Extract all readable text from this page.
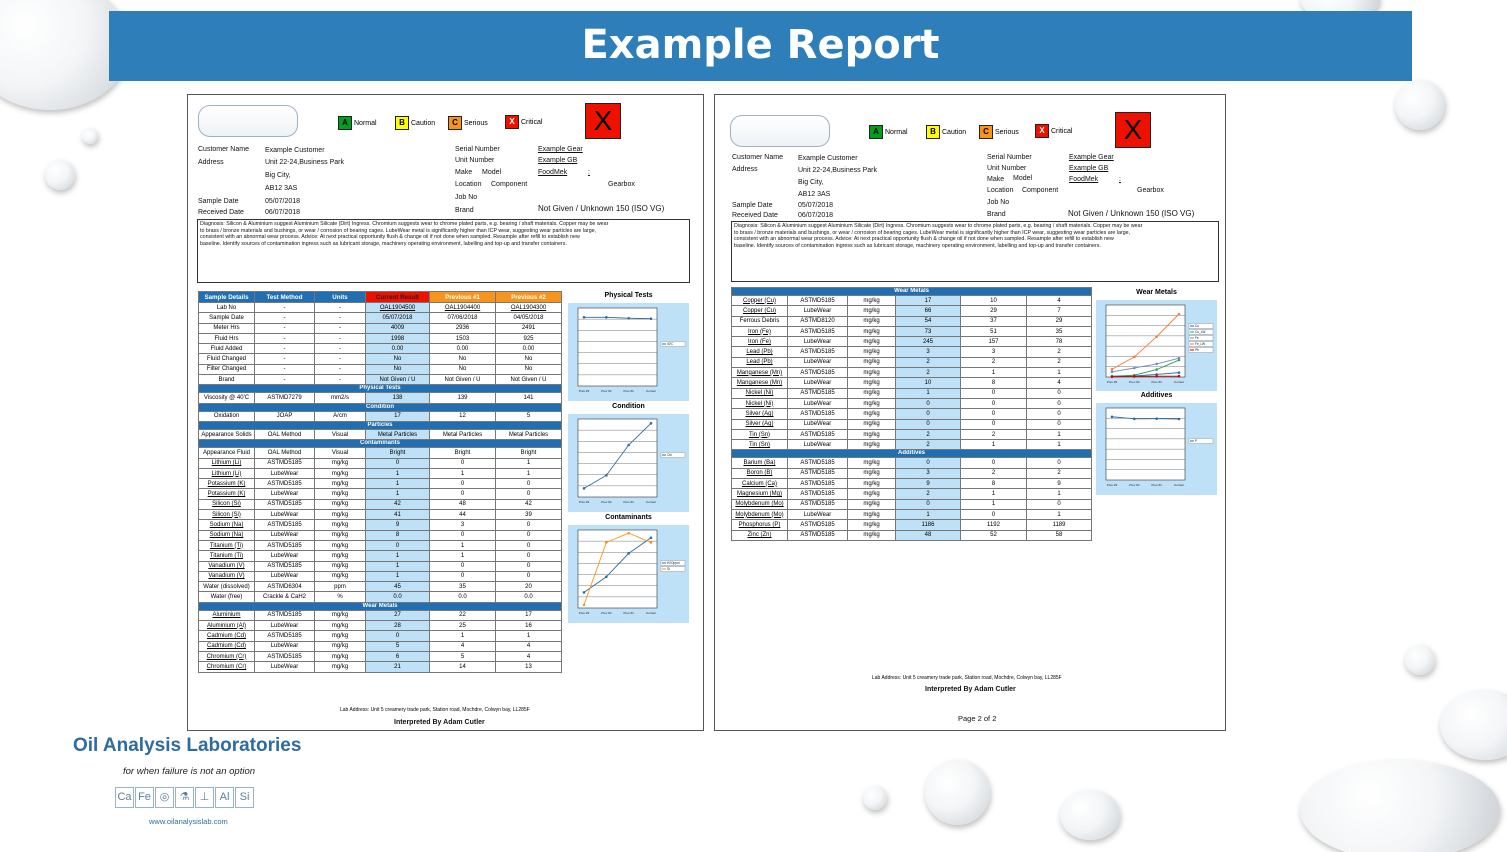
Example Report
A Normal	B Caution	C Serious	X Critical	X
Customer Name Example Customer
Address	Unit 22-24,Business Park
Big City,
AB12 3AS
Sample Date	05/07/2018
Received Date	06/07/2018
Serial Number	Example Gear
Unit Number	Example GB
Make Model	FoodMek	:
Location Component	Gearbox
Job No
Brand	Not Given / Unknown 150 (ISO VG)
Diagnosis: Silicon & Aluminium suggest Aluminium Silicate (Dirt) Ingress. Chromium suggests wear to chrome plated parts, e.g. bearing / shaft materials. Copper may be wear
to brass / bronze materials and bushings, or wear / corrosion of bearing cages. LubeWear metal is significantly higher than ICP wear, suggesting wear particles are large,
consistent with an abnormal wear process. Advice: At next practical opportunity flush & change oil if not done when sampled. Resample after refill to establish new
baseline. Identify sources of contamination ingress such as lubricant storage, machinery operating environment, labelling and top-up and transfer containers.
Sample Details	Test Method	Units	Current Result	Previous #1	Previous #2
Lab No	-	-	OAL1904500	OAL1904400	OAL1904300
Sample Date	-	-	05/07/2018	07/06/2018	04/05/2018
Meter Hrs	-	-	4009	2936	2491
Fluid Hrs	-	-	1998	1503	925
Fluid Added	-	-	0.00	0.00	0.00
Fluid Changed	-	-	No	No	No
Filter Changed	-	-	No	No	No
Brand	-	-	Not Given / U	Not Given / U	Not Given / U
Physical Tests					
Viscosity @ 40'C	ASTMD7279	mm2/s	138	139	141
Condition					
Oxidation	JOAP	A/cm	17	12	5
Particles					
Appearance Solids	OAL Method	Visual	Metal Particles	Metal Particles	Metal Particles
Contaminants					
Appearance Fluid	OAL Method	Visual	Bright	Bright	Bright
Lithium (Li)	ASTMD5185	mg/kg	0	0	1
Lithium (Li)	LubeWear	mg/kg	1	1	1
Potassium (K)	ASTMD5185	mg/kg	1	0	0
Potassium (K)	LubeWear	mg/kg	1	0	0
Silicon (Si)	ASTMD5185	mg/kg	42	48	42
Silicon (Si)	LubeWear	mg/kg	41	44	39
Sodium (Na)	ASTMD5185	mg/kg	9	3	0
Sodium (Na)	LubeWear	mg/kg	8	0	0
Titanium (Ti)	ASTMD5185	mg/kg	0	1	0
Titanium (Ti)	LubeWear	mg/kg	1	1	0
Vanadium (V)	ASTMD5185	mg/kg	1	0	0
Vanadium (V)	LubeWear	mg/kg	1	0	0
Water (dissolved)	ASTMD6304	ppm	45	35	20
Water (free)	Crackle & CaH2	%	0.0	0.0	0.0
Wear Metals					
Aluminium	ASTMD5185	mg/kg	27	22	17
Aluminium (Al)	LubeWear	mg/kg	28	25	16
Cadmium (Cd)	ASTMD5185	mg/kg	0	1	1
Cadmium (Cd)	LubeWear	mg/kg	5	4	4
Chromium (Cr)	ASTMD5185	mg/kg	6	5	4
Chromium (Cr)	LubeWear	mg/kg	21	14	13
Physical Tests
Prev #3	Prev #2	Prev #1	Current
40'C
Condition
Prev #3	Prev #2	Prev #1	Current
Oxi
Contaminants
Prev #3	Prev #2	Prev #1	Current
H2Oppm
Si
Lab Address: Unit 5 creamery trade park, Station road, Mochdre, Colwyn bay, LL285F
Interpreted By Adam Cutler
A Normal	B Caution	C Serious	X Critical	X
Customer Name Example Customer
Address	Unit 22-24,Business Park
Big City,
AB12 3AS
Sample Date	05/07/2018
Received Date	06/07/2018
Serial Number	Example Gear
Unit Number	Example GB
Make Model	FoodMek	:
Location Component	Gearbox
Job No
Brand	Not Given / Unknown 150 (ISO VG)
Diagnosis: Silicon & Aluminium suggest Aluminium Silicate (Dirt) Ingress. Chromium suggests wear to chrome plated parts, e.g. bearing / shaft materials. Copper may be wear
to brass / bronze materials and bushings, or wear / corrosion of bearing cages. LubeWear metal is significantly higher than ICP wear, suggesting wear particles are large,
consistent with an abnormal wear process. Advice: At next practical opportunity flush & change oil if not done when sampled. Resample after refill to establish new
baseline. Identify sources of contamination ingress such as lubricant storage, machinery operating environment, labelling and top-up and transfer containers.
Wear Metals					
Copper (Cu)	ASTMD5185	mg/kg	17	10	4
Copper (Cu)	LubeWear	mg/kg	66	29	7
Ferrous Debris	ASTMD8120	mg/kg	54	37	29
Iron (Fe)	ASTMD5185	mg/kg	73	51	35
Iron (Fe)	LubeWear	mg/kg	245	157	78
Lead (Pb)	ASTMD5185	mg/kg	3	3	2
Lead (Pb)	LubeWear	mg/kg	2	2	2
Manganese (Mn)	ASTMD5185	mg/kg	2	1	1
Manganese (Mn)	LubeWear	mg/kg	10	8	4
Nickel (Ni)	ASTMD5185	mg/kg	1	0	0
Nickel (Ni)	LubeWear	mg/kg	0	0	0
Silver (Ag)	ASTMD5185	mg/kg	0	0	0
Silver (Ag)	LubeWear	mg/kg	0	0	0
Tin (Sn)	ASTMD5185	mg/kg	2	2	1
Tin (Sn)	LubeWear	mg/kg	2	1	1
Additives					
Barium (Ba)	ASTMD5185	mg/kg	0	0	0
Boron (B)	ASTMD5185	mg/kg	3	2	2
Calcium (Ca)	ASTMD5185	mg/kg	9	8	9
Magnesium (Mg)	ASTMD5185	mg/kg	2	1	1
Molybdenum (Mo)	ASTMD5185	mg/kg	0	1	0
Molybdenum (Mo)	LubeWear	mg/kg	1	0	1
Phosphorus (P)	ASTMD5185	mg/kg	1186	1192	1189
Zinc (Zn)	ASTMD5185	mg/kg	48	52	58
Wear Metals
Prev #3	Prev #2	Prev #1	Current
Cu
Cu_LW
Fe
Fe_LW
Pb
Additives
Prev #3	Prev #2	Prev #1	Current
P
Lab Address: Unit 5 creamery trade park, Station road, Mochdre, Colwyn bay, LL285F
Interpreted By Adam Cutler
Page 2 of 2
Oil Analysis Laboratories
for when failure is not an option
Ca Fe ◎ ⚗ ⊥ Al Si
www.oilanalysislab.com
